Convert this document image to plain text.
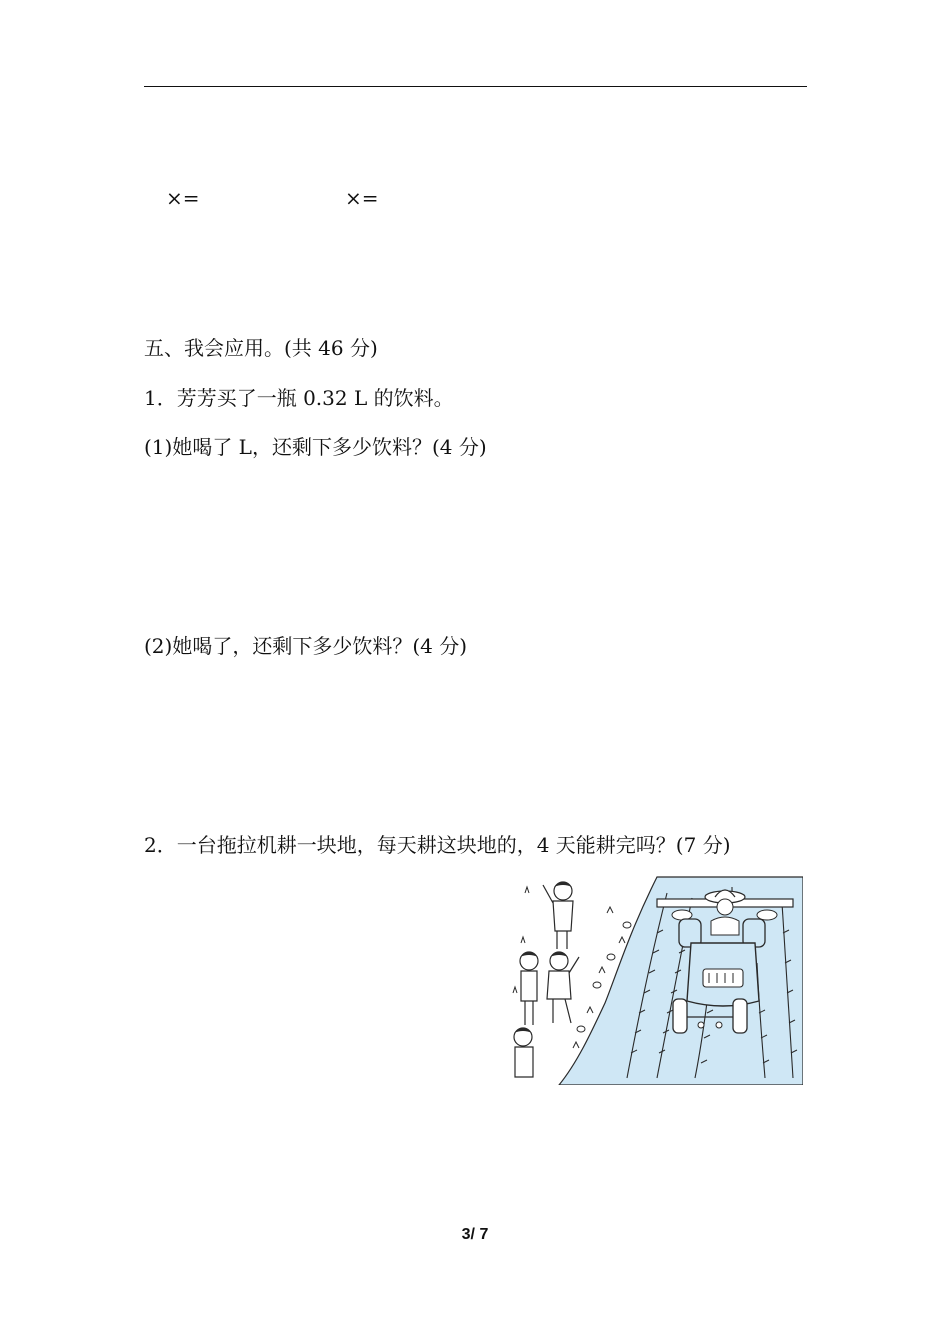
×=	×=
五、我会应用。(共 46 分)
1．芳芳买了一瓶 0.32 L 的饮料。
(1)她喝了 L，还剩下多少饮料？(4 分)
(2)她喝了，还剩下多少饮料？(4 分)
2．一台拖拉机耕一块地，每天耕这块地的，4 天能耕完吗？(7 分)
3/ 7
